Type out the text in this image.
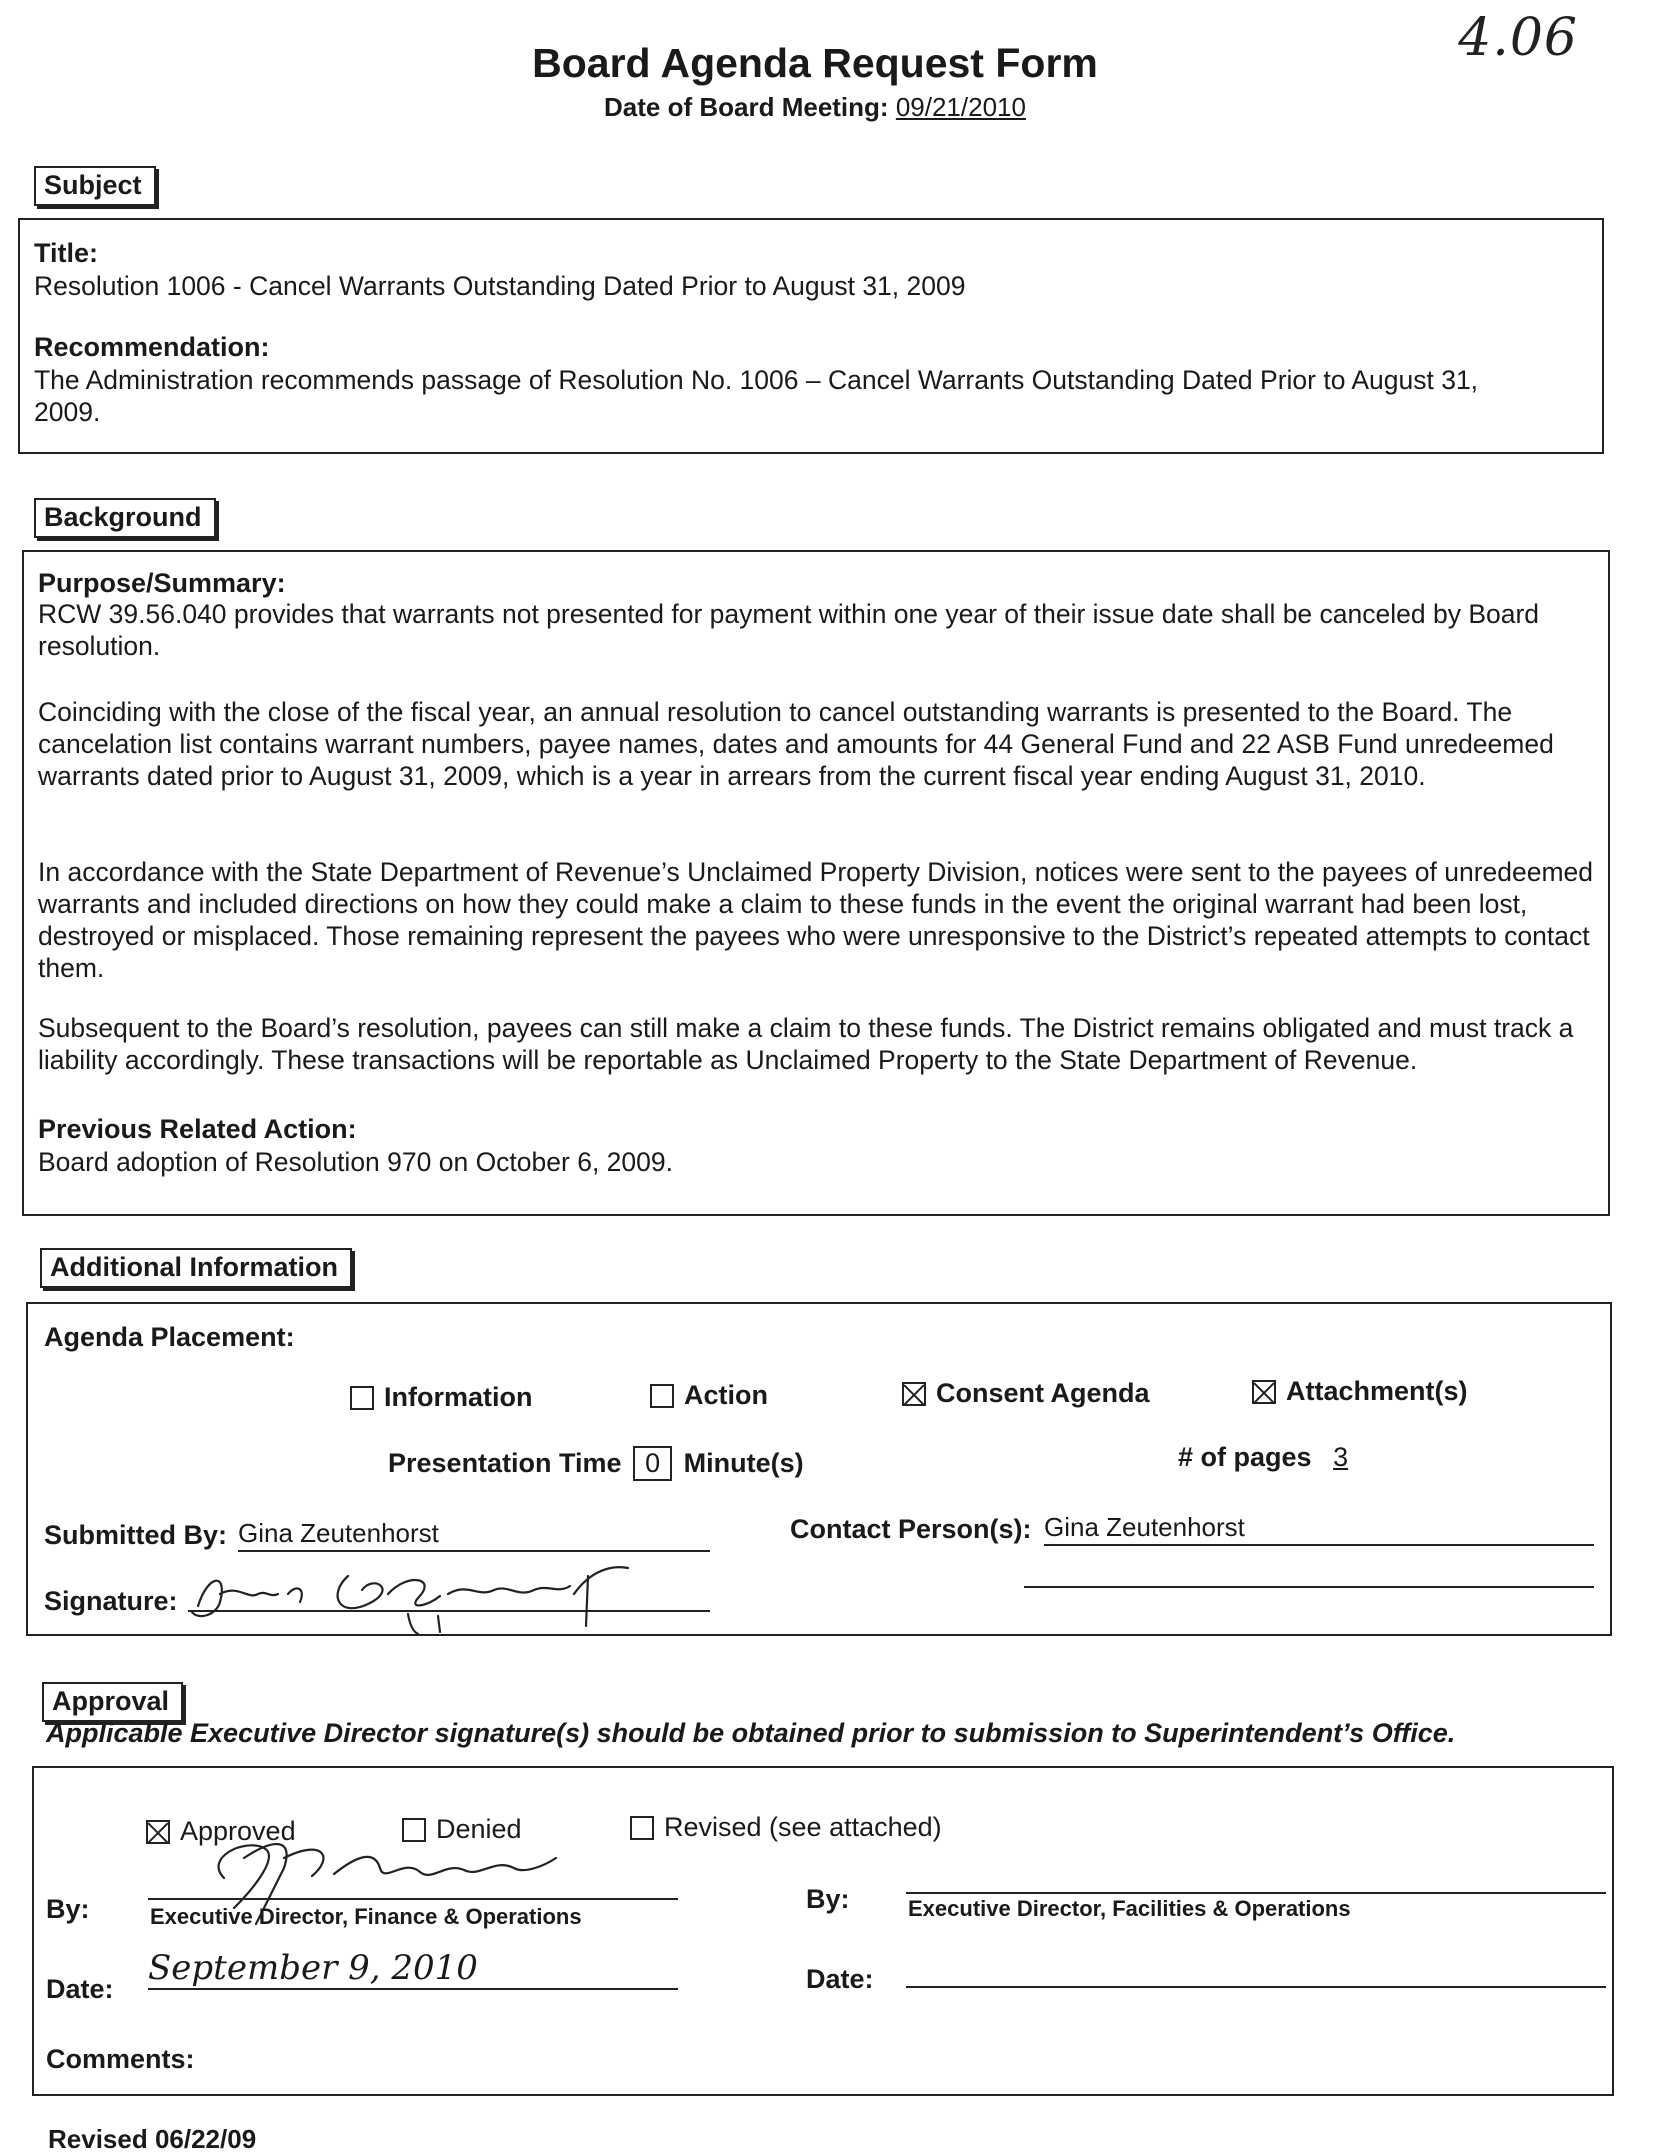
4.06
Board Agenda Request Form
Date of Board Meeting: 09/21/2010
Subject
Title:
Resolution 1006 - Cancel Warrants Outstanding Dated Prior to August 31, 2009
Recommendation:
The Administration recommends passage of Resolution No. 1006 – Cancel Warrants Outstanding Dated Prior to August 31, 2009.
Background
Purpose/Summary:
RCW 39.56.040 provides that warrants not presented for payment within one year of their issue date shall be canceled by Board resolution.
Coinciding with the close of the fiscal year, an annual resolution to cancel outstanding warrants is presented to the Board. The cancelation list contains warrant numbers, payee names, dates and amounts for 44 General Fund and 22 ASB Fund unredeemed warrants dated prior to August 31, 2009, which is a year in arrears from the current fiscal year ending August 31, 2010.
In accordance with the State Department of Revenue’s Unclaimed Property Division, notices were sent to the payees of unredeemed warrants and included directions on how they could make a claim to these funds in the event the original warrant had been lost, destroyed or misplaced. Those remaining represent the payees who were unresponsive to the District’s repeated attempts to contact them.
Subsequent to the Board’s resolution, payees can still make a claim to these funds. The District remains obligated and must track a liability accordingly. These transactions will be reportable as Unclaimed Property to the State Department of Revenue.
Previous Related Action:
Board adoption of Resolution 970 on October 6, 2009.
Additional Information
Agenda Placement:
Information	Action	Consent Agenda	Attachment(s)
Presentation Time 0 Minute(s)	# of pages 3
Submitted By: Gina Zeutenhorst	Contact Person(s): Gina Zeutenhorst
Signature:
Approval
Applicable Executive Director signature(s) should be obtained prior to submission to Superintendent’s Office.
Approved	Denied	Revised (see attached)
By:	Executive Director, Finance & Operations
By:	Executive Director, Facilities & Operations
Date:
September 9, 2010	Date:
Comments:
Revised 06/22/09
